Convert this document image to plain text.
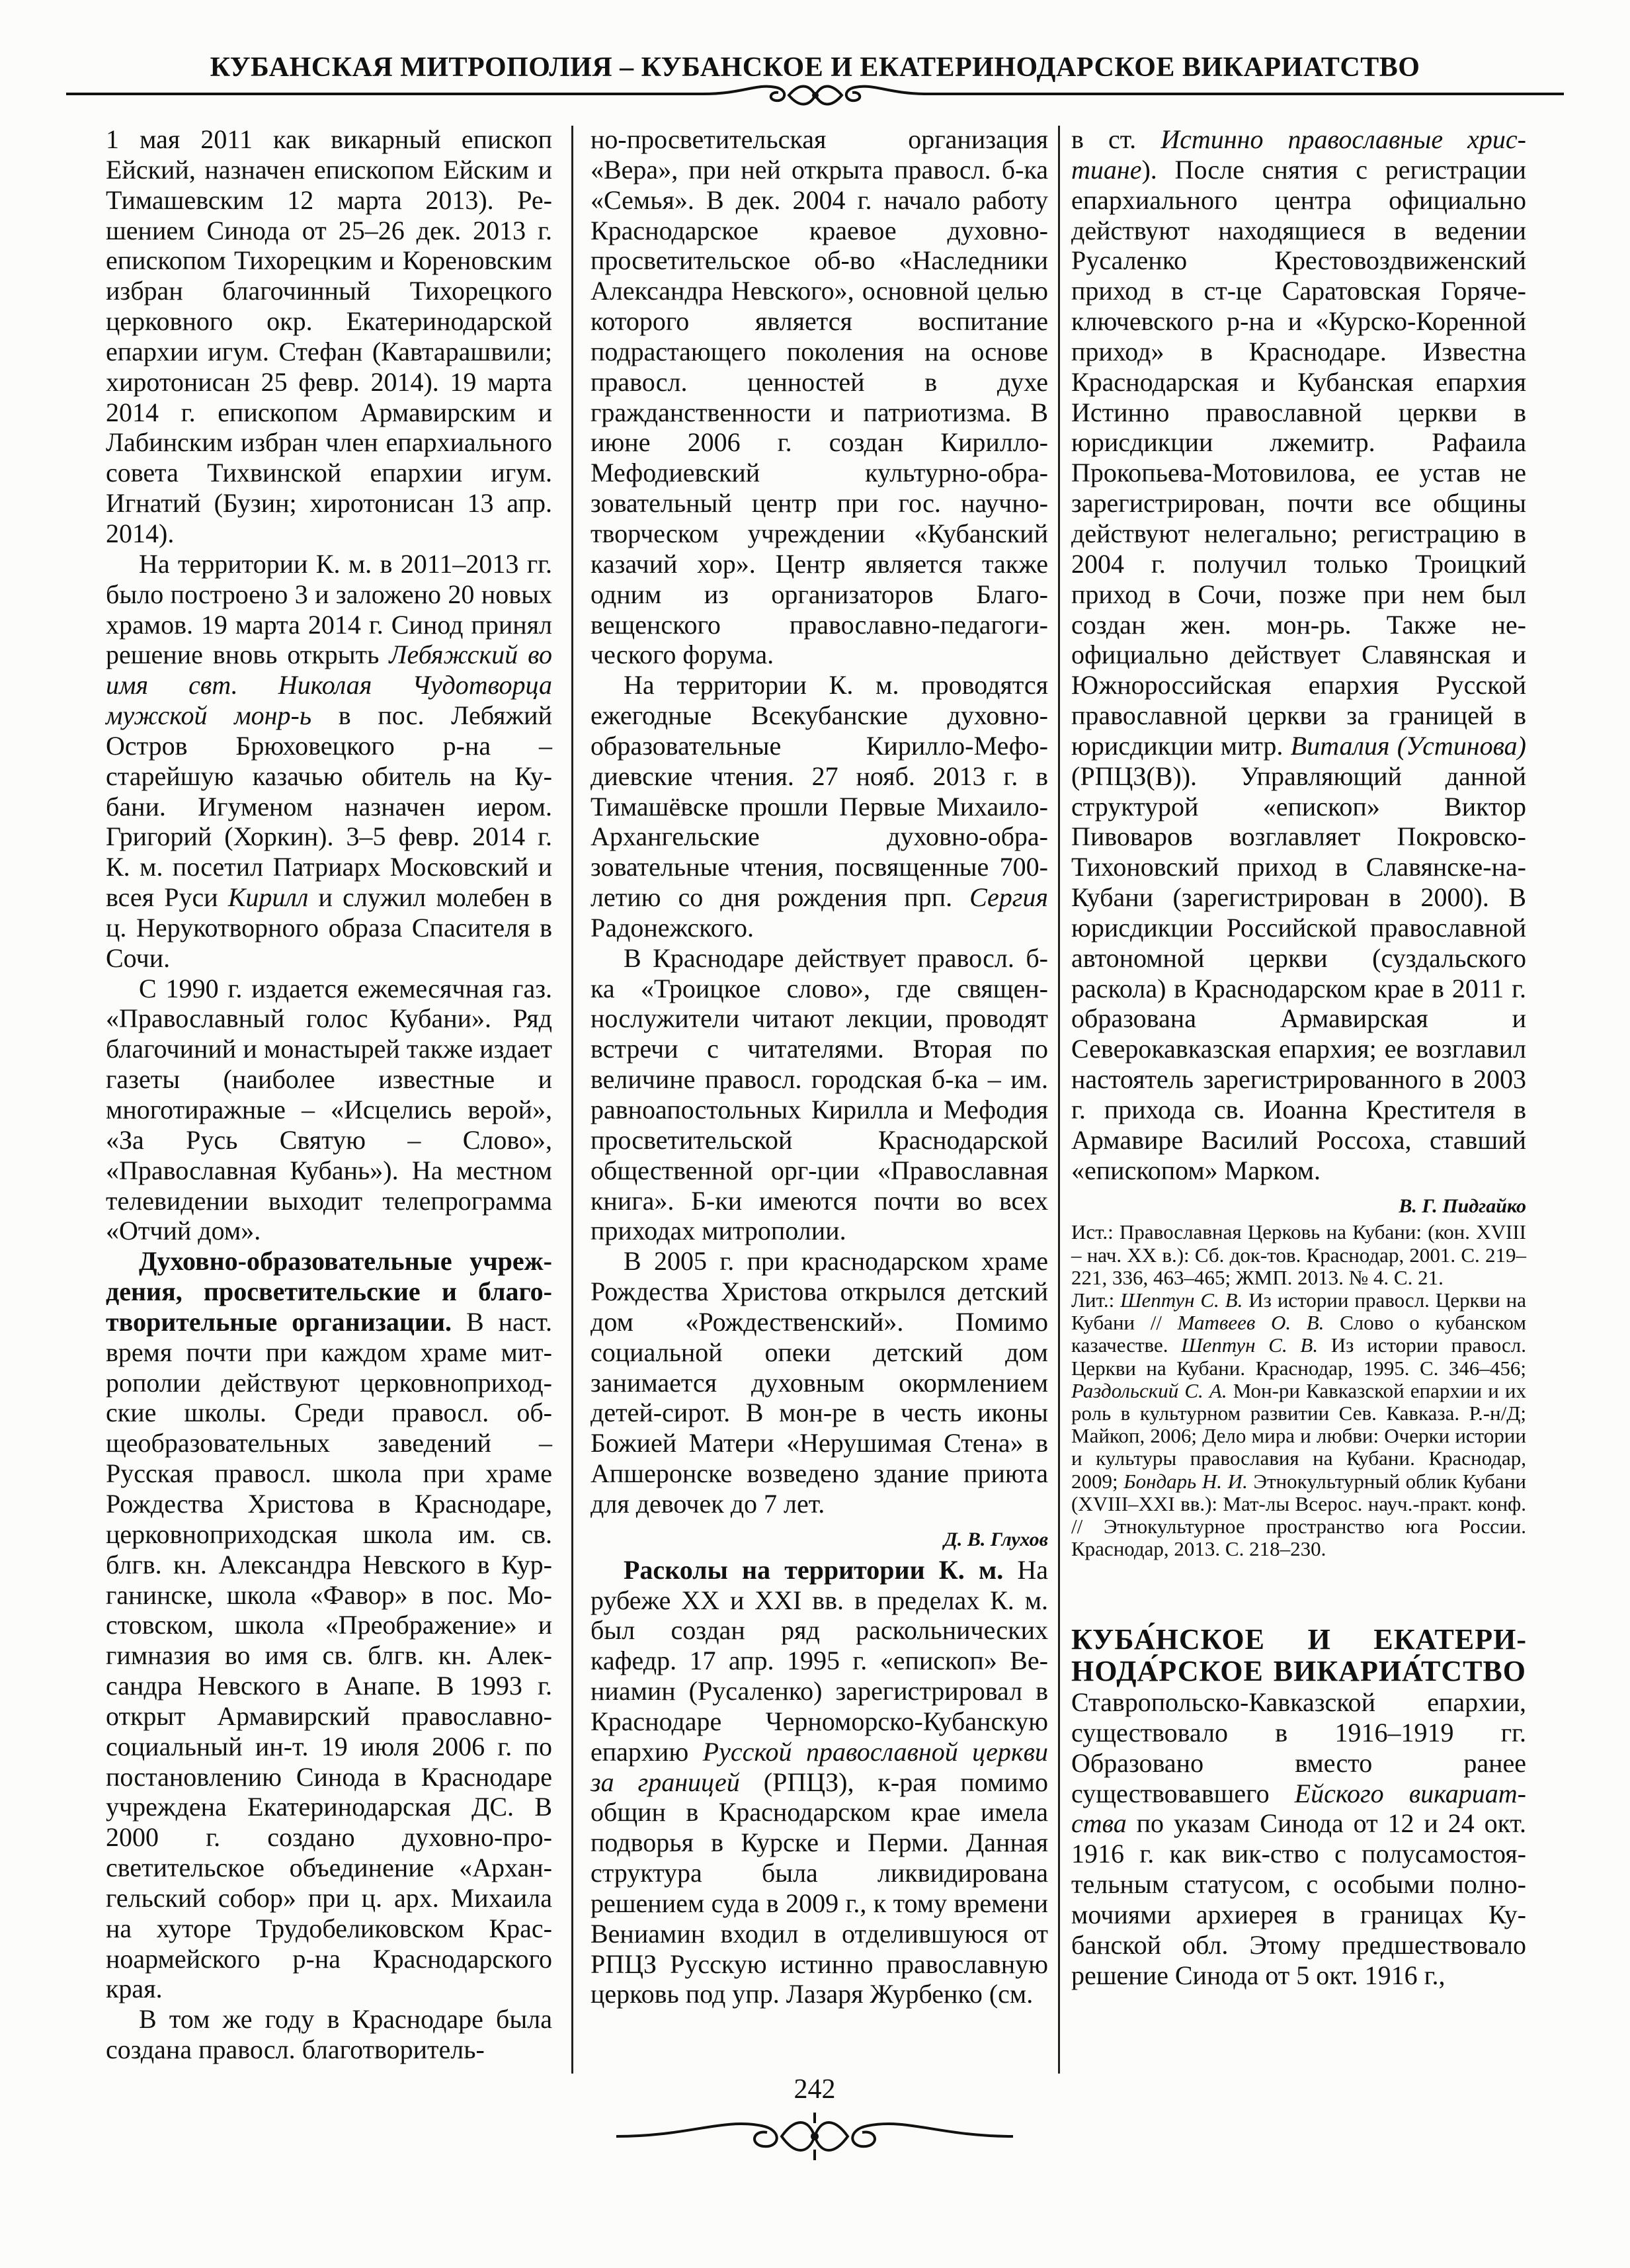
КУБАНСКАЯ МИТРОПОЛИЯ – КУБАНСКОЕ И ЕКАТЕРИНОДАРСКОЕ ВИКАРИАТСТВО

1 мая 2011 как викарный епископ Ейский, назначен епископом Ейским и Тимашевским 12 марта 2013). Решением Синода от 25–26 дек. 2013 г. епископом Тихорецким и Кореновским избран благочинный Тихорецкого церковного окр. Екатеринодарской епархии игум. Стефан (Кавтарашвили; хиротонисан 25 февр. 2014). 19 марта 2014 г. епископом Армавирским и Лабинским избран член епархиального совета Тихвинской епархии игум. Игнатий (Бузин; хиротонисан 13 апр. 2014).

На территории К. м. в 2011–2013 гг. было построено 3 и заложено 20 новых храмов. 19 марта 2014 г. Синод принял решение вновь открыть Лебяжский во имя свт. Николая Чудотворца мужской монр-ь в пос. Лебяжий Остров Брюховецкого р-на – старейшую казачью обитель на Кубани. Игуменом назначен иером. Григорий (Хоркин). 3–5 февр. 2014 г. К. м. посетил Патриарх Московский и всея Руси Кирилл и служил молебен в ц. Нерукотворного образа Спасителя в Сочи.

С 1990 г. издается ежемесячная газ. «Православный голос Кубани». Ряд благочиний и монастырей также издает газеты (наиболее известные и многотиражные – «Исцелись верой», «За Русь Святую – Слово», «Православная Кубань»). На местном телевидении выходит телепрограмма «Отчий дом».

Духовно-образовательные учреждения, просветительские и благотворительные организации. В наст. время почти при каждом храме митрополии действуют церковноприходские школы. Среди правосл. общеобразовательных заведений – Русская правосл. школа при храме Рождества Христова в Краснодаре, церковноприходская школа им. св. блгв. кн. Александра Невского в Курганинске, школа «Фавор» в пос. Мостовском, школа «Преображение» и гимназия во имя св. блгв. кн. Александра Невского в Анапе. В 1993 г. открыт Армавирский православно-социальный ин-т. 19 июля 2006 г. по постановлению Синода в Краснодаре учреждена Екатеринодарская ДС. В 2000 г. создано духовно-просветительское объединение «Архангельский собор» при ц. арх. Михаила на хуторе Трудобеликовском Красноармейского р-на Краснодарского края.

В том же году в Краснодаре была создана правосл. благотворитель-

но-просветительская организация «Вера», при ней открыта правосл. б-ка «Семья». В дек. 2004 г. начало работу Краснодарское краевое духовно-просветительское об-во «Наследники Александра Невского», основной целью которого является воспитание подрастающего поколения на основе правосл. ценностей в духе гражданственности и патриотизма. В июне 2006 г. создан Кирилло-Мефодиевский культурно-образовательный центр при гос. научно-творческом учреждении «Кубанский казачий хор». Центр является также одним из организаторов Благовещенского православно-педагогического форума.

На территории К. м. проводятся ежегодные Всекубанские духовно-образовательные Кирилло-Мефодиевские чтения. 27 нояб. 2013 г. в Тимашёвске прошли Первые Михаило-Архангельские духовно-образовательные чтения, посвященные 700-летию со дня рождения прп. Сергия Радонежского.

В Краснодаре действует правосл. б-ка «Троицкое слово», где священнослужители читают лекции, проводят встречи с читателями. Вторая по величине правосл. городская б-ка – им. равноапостольных Кирилла и Мефодия просветительской Краснодарской общественной орг-ции «Православная книга». Б-ки имеются почти во всех приходах митрополии.

В 2005 г. при краснодарском храме Рождества Христова открылся детский дом «Рождественский». Помимо социальной опеки детский дом занимается духовным окормлением детей-сирот. В мон-ре в честь иконы Божией Матери «Нерушимая Стена» в Апшеронске возведено здание приюта для девочек до 7 лет.

Д. В. Глухов

Расколы на территории К. м. На рубеже XX и XXI вв. в пределах К. м. был создан ряд раскольнических кафедр. 17 апр. 1995 г. «епископ» Вениамин (Русаленко) зарегистрировал в Краснодаре Черноморско-Кубанскую епархию Русской православной церкви за границей (РПЦЗ), к-рая помимо общин в Краснодарском крае имела подворья в Курске и Перми. Данная структура была ликвидирована решением суда в 2009 г., к тому времени Вениамин входил в отделившуюся от РПЦЗ Русскую истинно православную церковь под упр. Лазаря Журбенко (см.

в ст. Истинно православные христиане). После снятия с регистрации епархиального центра официально действуют находящиеся в ведении Русаленко Крестовоздвиженский приход в ст-це Саратовская Горячеключевского р-на и «Курско-Коренной приход» в Краснодаре. Известна Краснодарская и Кубанская епархия Истинно православной церкви в юрисдикции лжемитр. Рафаила Прокопьева-Мотовилова, ее устав не зарегистрирован, почти все общины действуют нелегально; регистрацию в 2004 г. получил только Троицкий приход в Сочи, позже при нем был создан жен. мон-рь. Также неофициально действует Славянская и Южнороссийская епархия Русской православной церкви за границей в юрисдикции митр. Виталия (Устинова) (РПЦЗ(В)). Управляющий данной структурой «епископ» Виктор Пивоваров возглавляет Покровско-Тихоновский приход в Славянске-на-Кубани (зарегистрирован в 2000). В юрисдикции Российской православной автономной церкви (суздальского раскола) в Краснодарском крае в 2011 г. образована Армавирская и Северокавказская епархия; ее возглавил настоятель зарегистрированного в 2003 г. прихода св. Иоанна Крестителя в Армавире Василий Россоха, ставший «епископом» Марком.

В. Г. Пидгайко

Ист.: Православная Церковь на Кубани: (кон. XVIII – нач. XX в.): Сб. док-тов. Краснодар, 2001. С. 219–221, 336, 463–465; ЖМП. 2013. № 4. С. 21.

Лит.: Шептун С. В. Из истории правосл. Церкви на Кубани // Матвеев О. В. Слово о кубанском казачестве. Шептун С. В. Из истории правосл. Церкви на Кубани. Краснодар, 1995. С. 346–456; Раздольский С. А. Мон-ри Кавказской епархии и их роль в культурном развитии Сев. Кавказа. Р.-н/Д; Майкоп, 2006; Дело мира и любви: Очерки истории и культуры православия на Кубани. Краснодар, 2009; Бондарь Н. И. Этнокультурный облик Кубани (XVIII–XXI вв.): Мат-лы Всерос. науч.-практ. конф. // Этнокультурное пространство юга России. Краснодар, 2013. С. 218–230.

КУБА́НСКОЕ И ЕКАТЕРИНОДА́РСКОЕ ВИКАРИА́ТСТВО Ставропольско-Кавказской епархии, существовало в 1916–1919 гг. Образовано вместо ранее существовавшего Ейского викариатства по указам Синода от 12 и 24 окт. 1916 г. как вик-ство с полусамостоятельным статусом, с особыми полномочиями архиерея в границах Кубанской обл. Этому предшествовало решение Синода от 5 окт. 1916 г.,

242
